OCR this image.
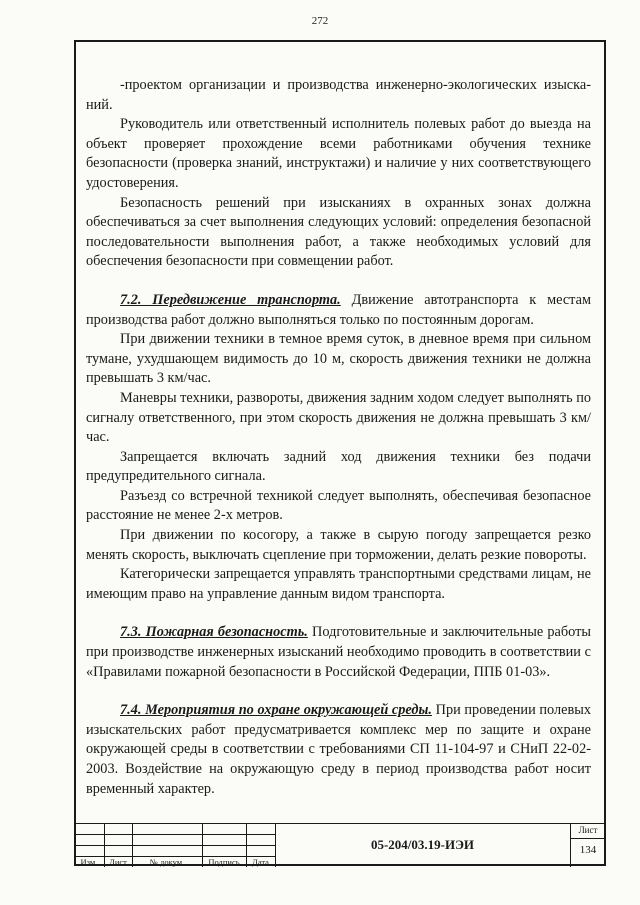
272

-проектом организации и производства инженерно-экологических изыска-ний.

Руководитель или ответственный исполнитель полевых работ до выезда на объект проверяет прохождение всеми работниками обучения технике безопасности (проверка знаний, инструктажи) и наличие у них соответствующего удостоверения.

Безопасность решений при изысканиях в охранных зонах должна обеспечиваться за счет выполнения следующих условий: определения безопасной последовательности выполнения работ, а также необходимых условий для обеспечения безопасности при совмещении работ.

7.2. Передвижение транспорта. Движение автотранспорта к местам производства работ должно выполняться только по постоянным дорогам.

При движении техники в темное время суток, в дневное время при сильном тумане, ухудшающем видимость до 10 м, скорость движения техники не должна превышать 3 км/час.

Маневры техники, развороты, движения задним ходом следует выполнять по сигналу ответственного, при этом скорость движения не должна превышать 3 км/час.

Запрещается включать задний ход движения техники без подачи предупредительного сигнала.

Разъезд со встречной техникой следует выполнять, обеспечивая безопасное расстояние не менее 2-х метров.

При движении по косогору, а также в сырую погоду запрещается резко менять скорость, выключать сцепление при торможении, делать резкие повороты.

Категорически запрещается управлять транспортными средствами лицам, не имеющим право на управление данным видом транспорта.

7.3. Пожарная безопасность. Подготовительные и заключительные работы при производстве инженерных изысканий необходимо проводить в соответствии с «Правилами пожарной безопасности в Российской Федерации, ППБ 01-03».

7.4. Мероприятия по охране окружающей среды. При проведении полевых изыскательских работ предусматривается комплекс мер по защите и охране окружающей среды в соответствии с требованиями СП 11-104-97 и СНиП 22-02-2003. Воздействие на окружающую среду в период производства работ носит временный характер.

Изм.	Лист	№ докум.	Подпись	Дата
05-204/03.19-ИЭИ
Лист
134
